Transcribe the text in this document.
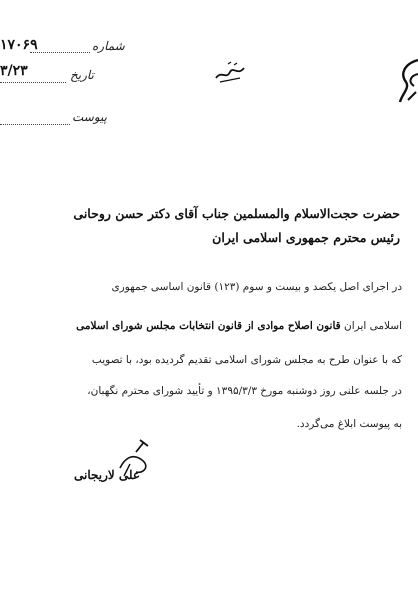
۱۷۰۶۹	شماره
۳/۲۳	تاریخ
پیوست
حضرت حجت‌الاسلام والمسلمین جناب آقای دکتر حسن روحانی
رئیس محترم جمهوری اسلامی ایران
در اجرای اصل یکصد و بیست و سوم (۱۲۳) قانون اساسی جمهوری
اسلامی ایران قانون اصلاح موادی از قانون انتخابات مجلس شورای اسلامی
که با عنوان طرح به مجلس شورای اسلامی تقدیم گردیده بود، با تصویب
در جلسه علنی روز دوشنبه مورخ ۱۳۹۵/۳/۳ و تأیید شورای محترم نگهبان،
به پیوست ابلاغ می‌گردد.
علی لاریجانی
